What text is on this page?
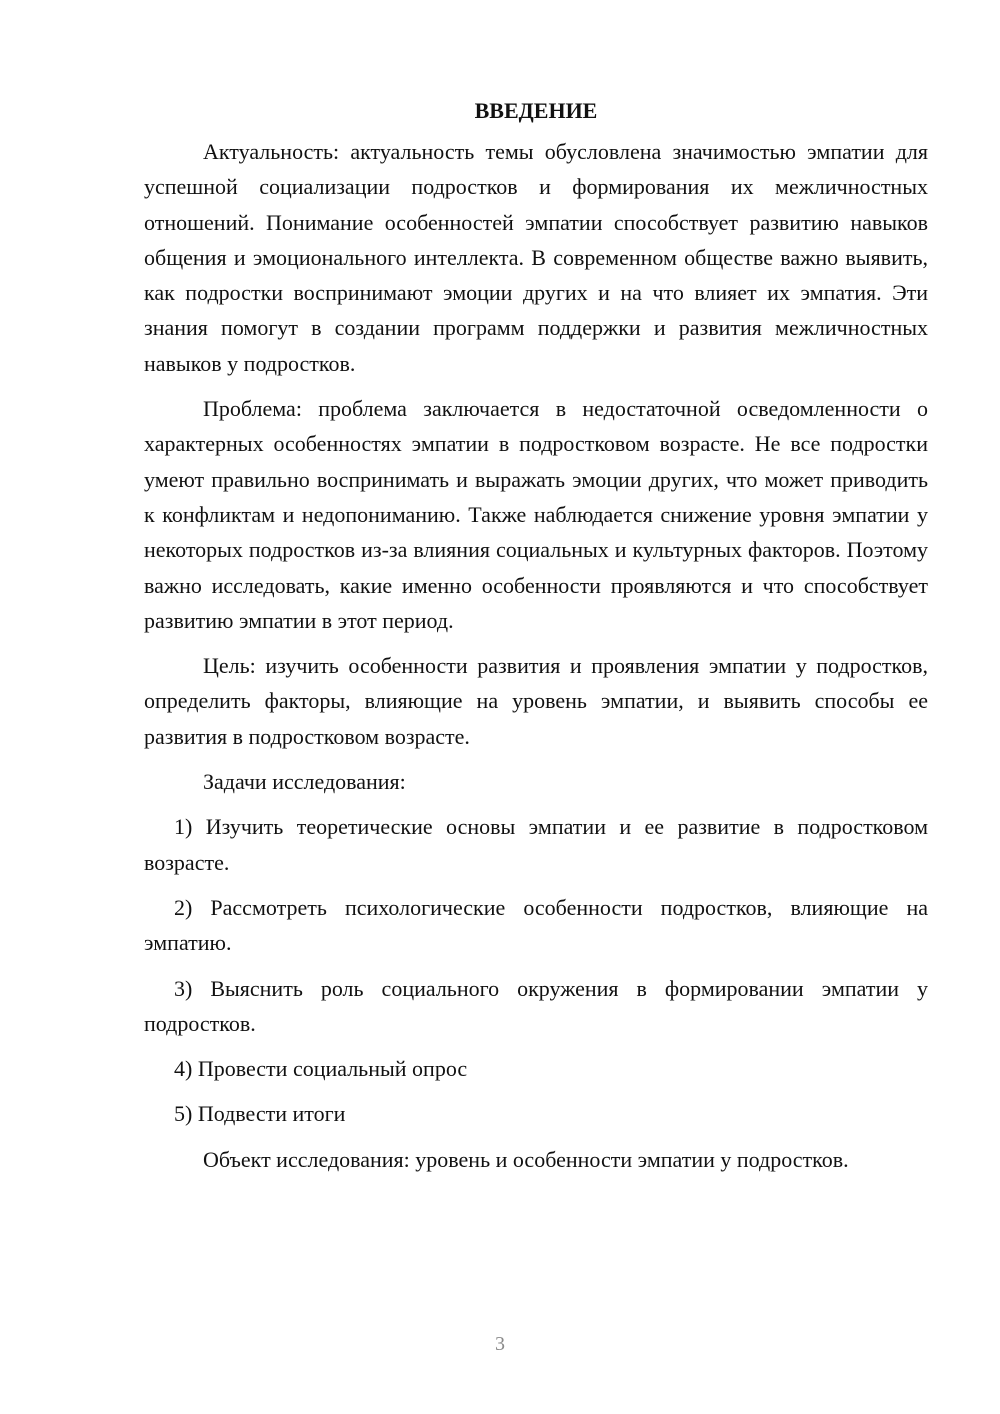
ВВЕДЕНИЕ

Актуальность: актуальность темы обусловлена значимостью эмпатии для успешной социализации подростков и формирования их межличностных отношений. Понимание особенностей эмпатии способствует развитию навыков общения и эмоционального интеллекта. В современном обществе важно выявить, как подростки воспринимают эмоции других и на что влияет их эмпатия. Эти знания помогут в создании программ поддержки и развития межличностных навыков у подростков.

Проблема: проблема заключается в недостаточной осведомленности о характерных особенностях эмпатии в подростковом возрасте. Не все подростки умеют правильно воспринимать и выражать эмоции других, что может приводить к конфликтам и недопониманию. Также наблюдается снижение уровня эмпатии у некоторых подростков из-за влияния социальных и культурных факторов. Поэтому важно исследовать, какие именно особенности проявляются и что способствует развитию эмпатии в этот период.

Цель: изучить особенности развития и проявления эмпатии у подростков, определить факторы, влияющие на уровень эмпатии, и выявить способы ее развития в подростковом возрасте.

Задачи исследования:

1) Изучить теоретические основы эмпатии и ее развитие в подростковом возрасте.

2) Рассмотреть психологические особенности подростков, влияющие на эмпатию.

3) Выяснить роль социального окружения в формировании эмпатии у подростков.

4) Провести социальный опрос

5) Подвести итоги

Объект исследования: уровень и особенности эмпатии у подростков.

3
